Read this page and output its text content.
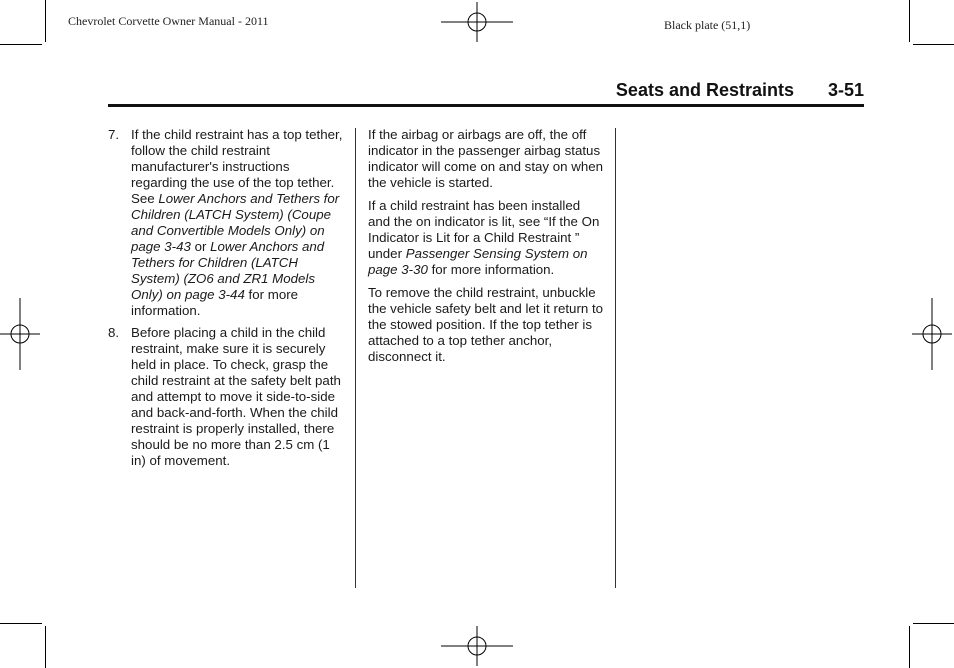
Chevrolet Corvette Owner Manual - 2011	Black plate (51,1)
Seats and Restraints 3-51
7. If the child restraint has a top tether, follow the child restraint manufacturer's instructions regarding the use of the top tether. See Lower Anchors and Tethers for Children (LATCH System) (Coupe and Convertible Models Only) on page 3-43 or Lower Anchors and Tethers for Children (LATCH System) (ZO6 and ZR1 Models Only) on page 3-44 for more information.
8. Before placing a child in the child restraint, make sure it is securely held in place. To check, grasp the child restraint at the safety belt path and attempt to move it side-to-side and back-and-forth. When the child restraint is properly installed, there should be no more than 2.5 cm (1 in) of movement.

If the airbag or airbags are off, the off indicator in the passenger airbag status indicator will come on and stay on when the vehicle is started.

If a child restraint has been installed and the on indicator is lit, see “If the On Indicator is Lit for a Child Restraint ” under Passenger Sensing System on page 3-30 for more information.

To remove the child restraint, unbuckle the vehicle safety belt and let it return to the stowed position. If the top tether is attached to a top tether anchor, disconnect it.
